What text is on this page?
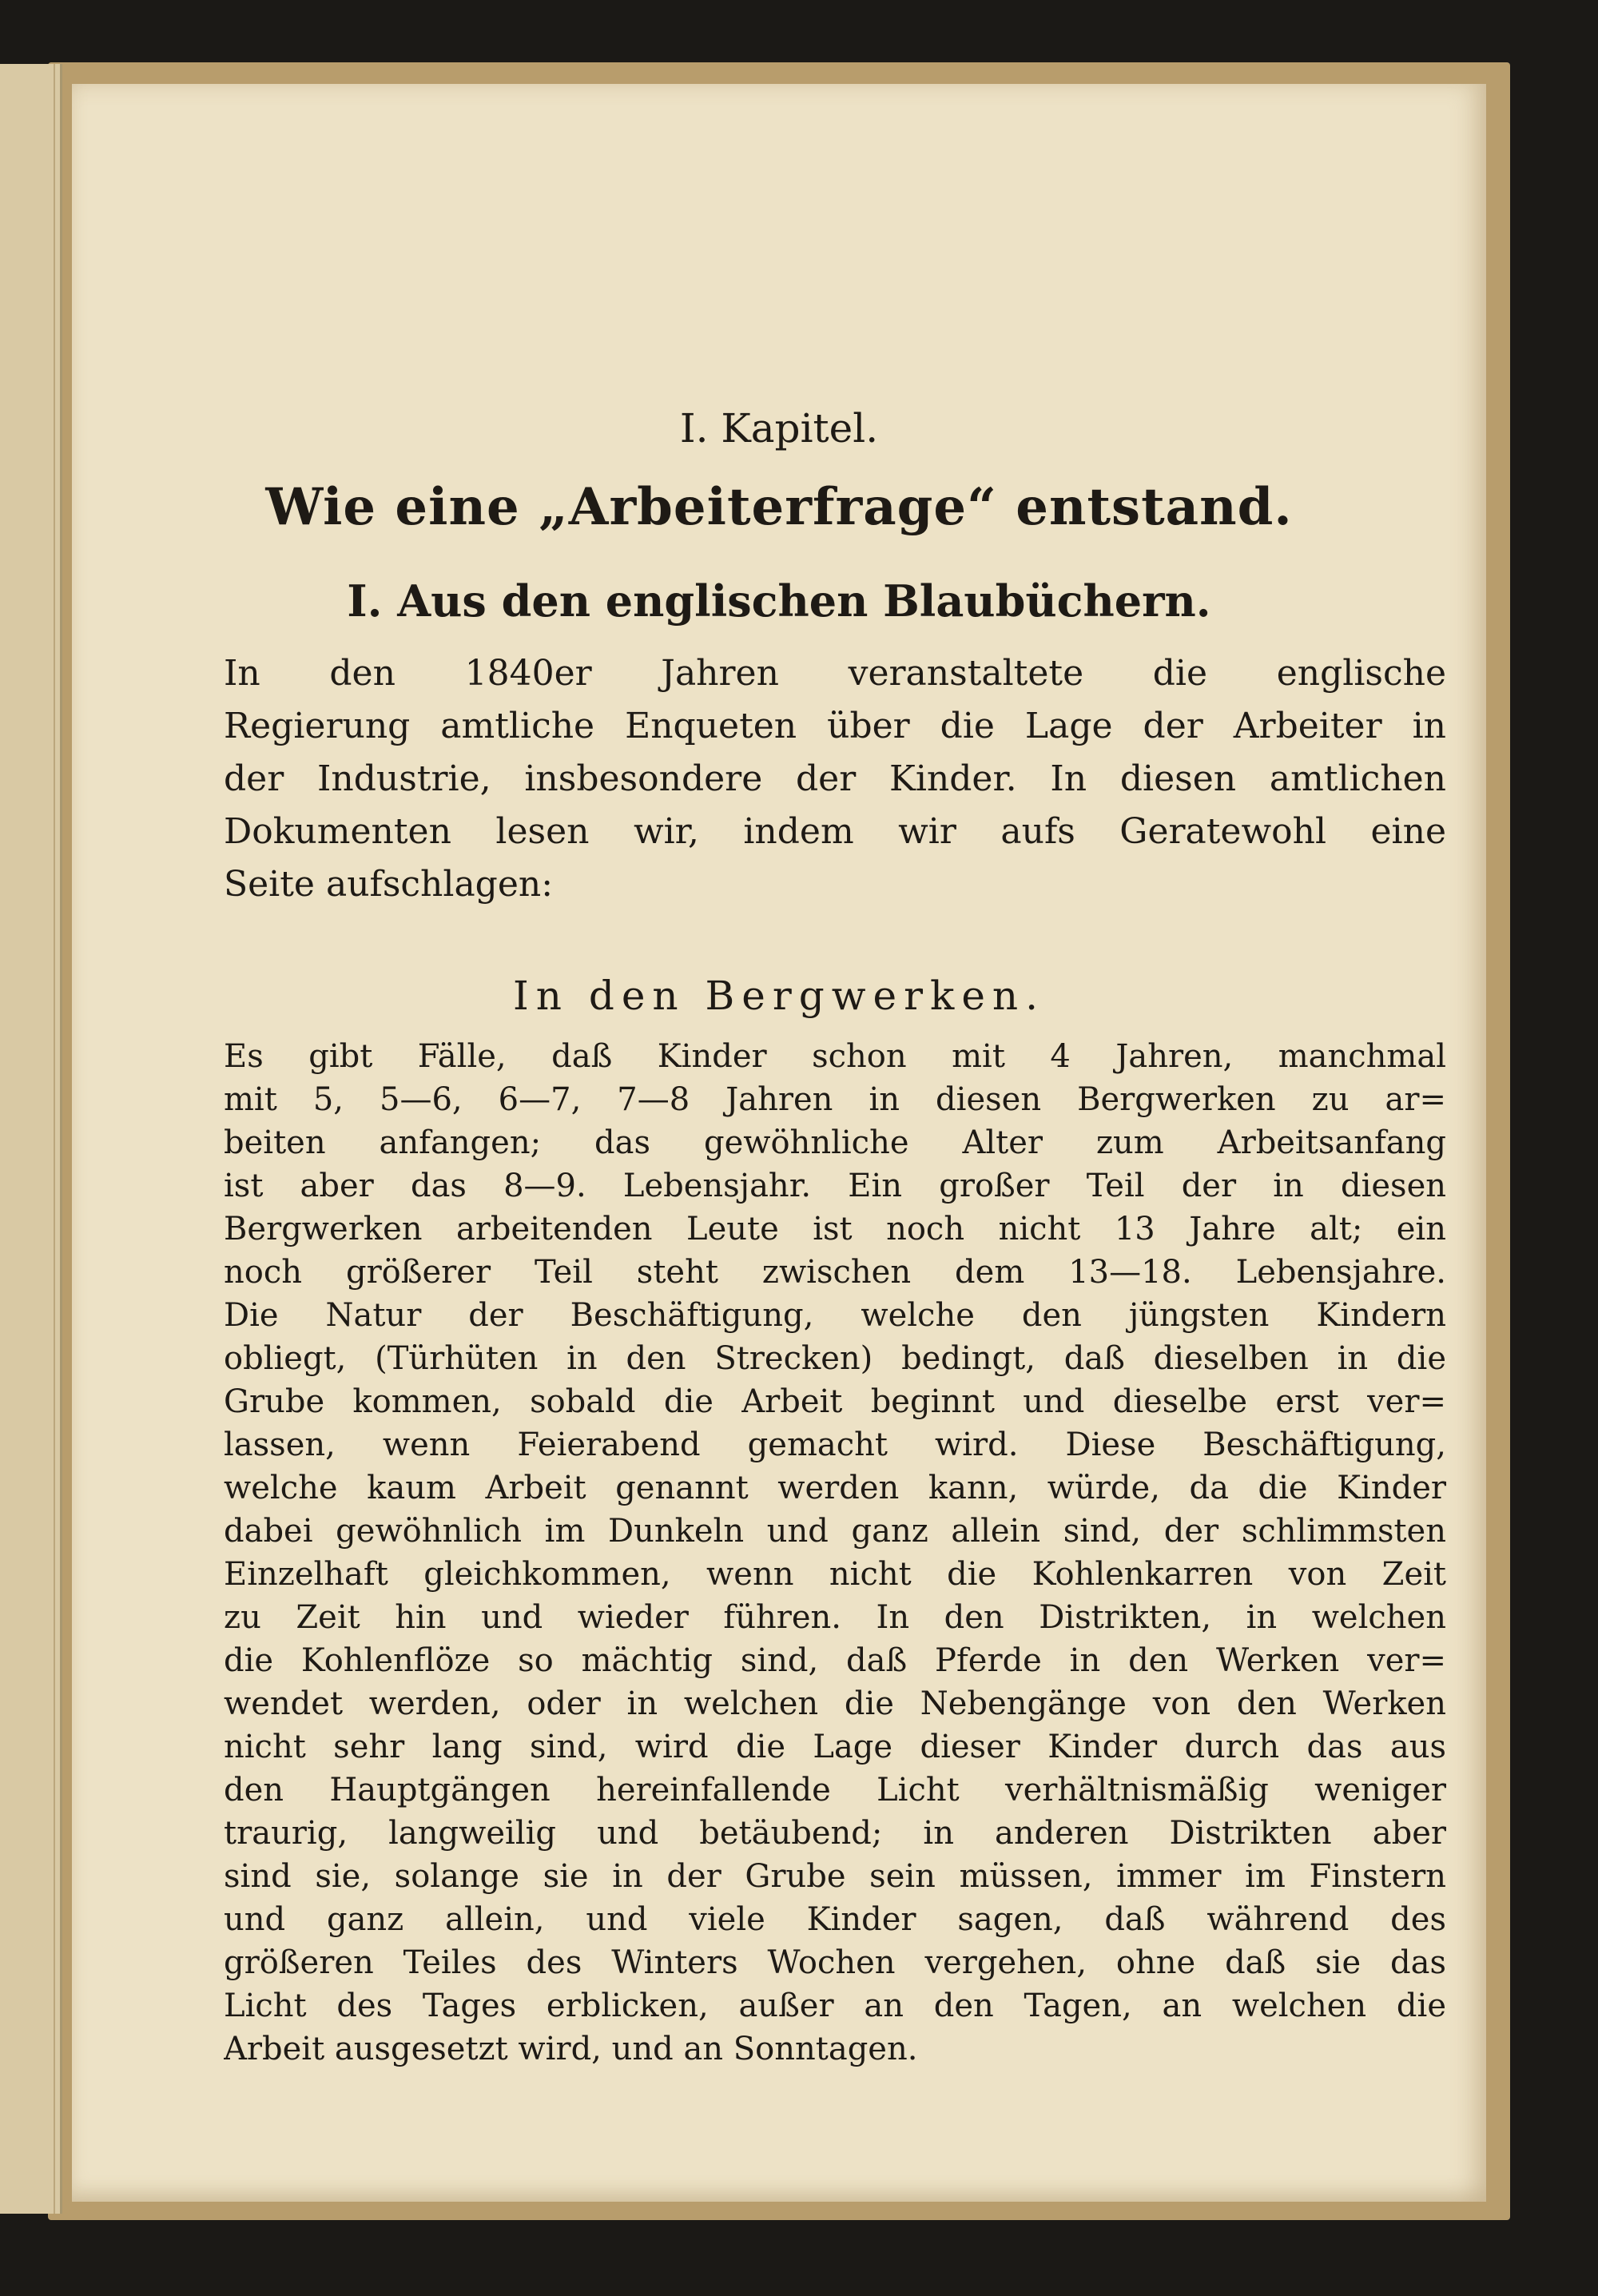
I. Kapitel.
Wie eine „Arbeiterfrage“ entstand.
I. Aus den englischen Blaubüchern.
In den 1840er Jahren veranstaltete die englische
Regierung amtliche Enqueten über die Lage der Arbeiter in
der Industrie, insbesondere der Kinder. In diesen amtlichen
Dokumenten lesen wir, indem wir aufs Geratewohl eine
Seite aufschlagen:
In den Bergwerken.
Es gibt Fälle, daß Kinder schon mit 4 Jahren, manchmal
mit 5, 5—6, 6—7, 7—8 Jahren in diesen Bergwerken zu ar=
beiten anfangen; das gewöhnliche Alter zum Arbeitsanfang
ist aber das 8—9. Lebensjahr. Ein großer Teil der in diesen
Bergwerken arbeitenden Leute ist noch nicht 13 Jahre alt; ein
noch größerer Teil steht zwischen dem 13—18. Lebensjahre.
Die Natur der Beschäftigung, welche den jüngsten Kindern
obliegt, (Türhüten in den Strecken) bedingt, daß dieselben in die
Grube kommen, sobald die Arbeit beginnt und dieselbe erst ver=
lassen, wenn Feierabend gemacht wird. Diese Beschäftigung,
welche kaum Arbeit genannt werden kann, würde, da die Kinder
dabei gewöhnlich im Dunkeln und ganz allein sind, der schlimmsten
Einzelhaft gleichkommen, wenn nicht die Kohlenkarren von Zeit
zu Zeit hin und wieder führen. In den Distrikten, in welchen
die Kohlenflöze so mächtig sind, daß Pferde in den Werken ver=
wendet werden, oder in welchen die Nebengänge von den Werken
nicht sehr lang sind, wird die Lage dieser Kinder durch das aus
den Hauptgängen hereinfallende Licht verhältnismäßig weniger
traurig, langweilig und betäubend; in anderen Distrikten aber
sind sie, solange sie in der Grube sein müssen, immer im Finstern
und ganz allein, und viele Kinder sagen, daß während des
größeren Teiles des Winters Wochen vergehen, ohne daß sie das
Licht des Tages erblicken, außer an den Tagen, an welchen die
Arbeit ausgesetzt wird, und an Sonntagen.
